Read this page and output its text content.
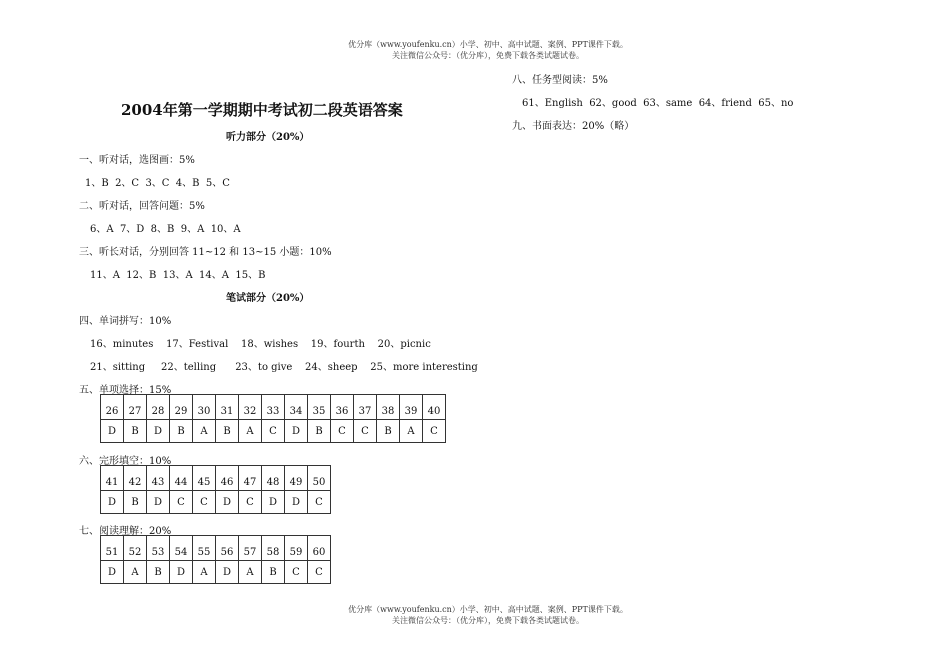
优分库（www.youfenku.cn）小学、初中、高中试题、案例、PPT课件下载。
关注微信公众号：（优分库），免费下载各类试题试卷。
2004年第一学期期中考试初二段英语答案
听力部分（20%）
一、听对话，选图画：5%
1、B  2、C  3、C  4、B  5、C
二、听对话，回答问题：5%
6、A  7、D  8、B  9、A  10、A
三、听长对话，分别回答 11~12 和 13~15 小题：10%
11、A  12、B  13、A  14、A  15、B
笔试部分（20%）
四、单词拼写：10%
16、minutes    17、Festival    18、wishes    19、fourth    20、picnic
21、sitting     22、telling      23、to give    24、sheep    25、more interesting
五、单项选择：15%
26	27	28	29	30	31	32	33	34	35	36	37	38	39	40
D	B	D	B	A	B	A	C	D	B	C	C	B	A	C
六、完形填空：10%
41	42	43	44	45	46	47	48	49	50
D	B	D	C	C	D	C	D	D	C
七、阅读理解：20%
51	52	53	54	55	56	57	58	59	60
D	A	B	D	A	D	A	B	C	C
八、任务型阅读：5%
61、English  62、good  63、same  64、friend  65、no
九、书面表达：20%（略）
优分库（www.youfenku.cn）小学、初中、高中试题、案例、PPT课件下载。
关注微信公众号：（优分库），免费下载各类试题试卷。
